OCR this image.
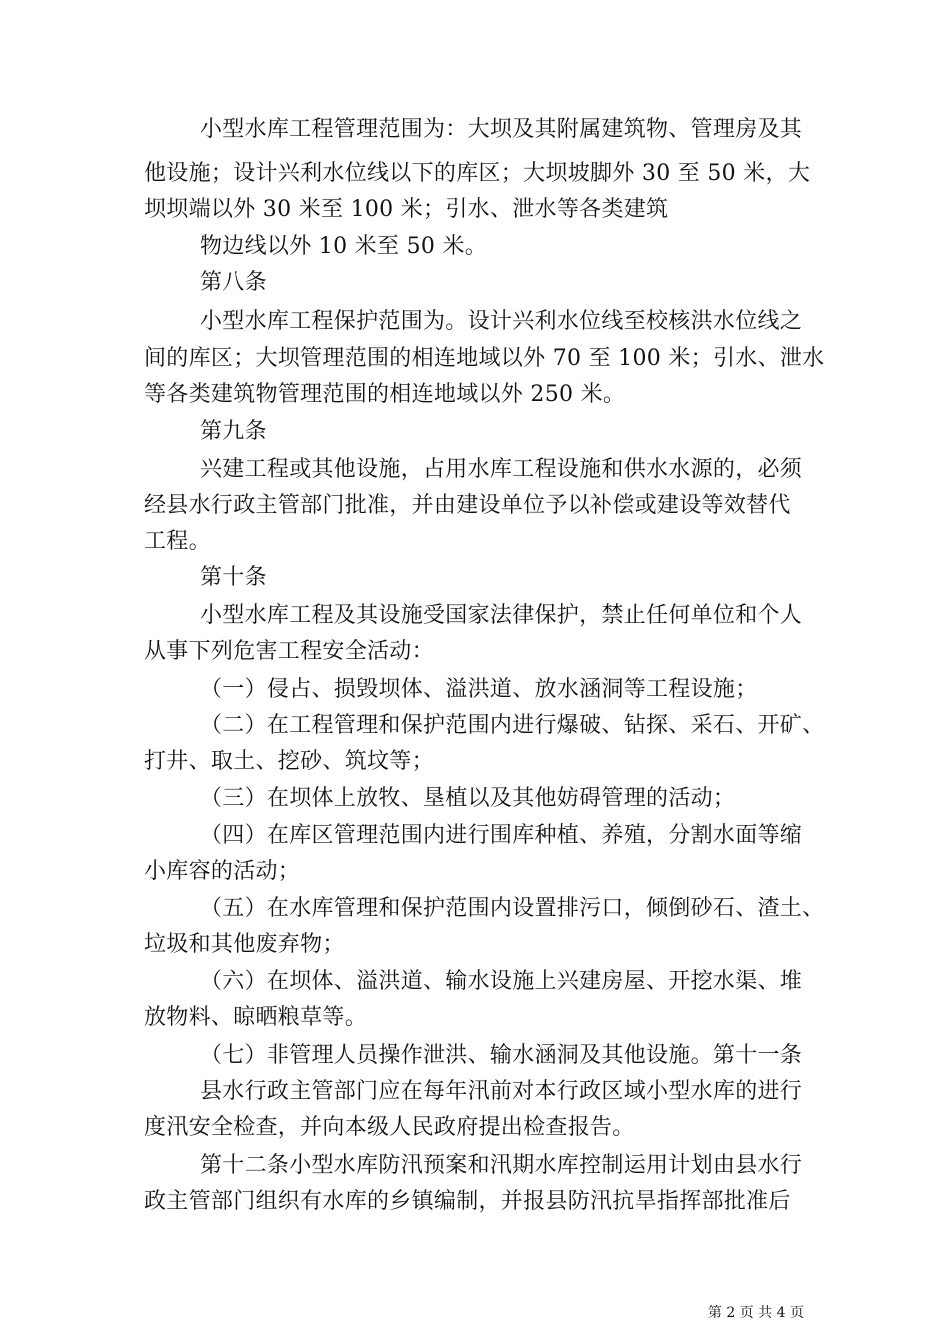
小型水库工程管理范围为：大坝及其附属建筑物、管理房及其
他设施；设计兴利水位线以下的库区；大坝坡脚外 30 至 50 米，大
坝坝端以外 30 米至 100 米；引水、泄水等各类建筑
物边线以外 10 米至 50 米。
第八条
小型水库工程保护范围为。设计兴利水位线至校核洪水位线之
间的库区；大坝管理范围的相连地域以外 70 至 100 米；引水、泄水
等各类建筑物管理范围的相连地域以外 250 米。
第九条
兴建工程或其他设施，占用水库工程设施和供水水源的，必须
经县水行政主管部门批准，并由建设单位予以补偿或建设等效替代
工程。
第十条
小型水库工程及其设施受国家法律保护，禁止任何单位和个人
从事下列危害工程安全活动：
（一）侵占、损毁坝体、溢洪道、放水涵洞等工程设施；
（二）在工程管理和保护范围内进行爆破、钻探、采石、开矿、
打井、取土、挖砂、筑坟等；
（三）在坝体上放牧、垦植以及其他妨碍管理的活动；
（四）在库区管理范围内进行围库种植、养殖，分割水面等缩
小库容的活动；
（五）在水库管理和保护范围内设置排污口，倾倒砂石、渣土、
垃圾和其他废弃物；
（六）在坝体、溢洪道、输水设施上兴建房屋、开挖水渠、堆
放物料、晾晒粮草等。
（七）非管理人员操作泄洪、输水涵洞及其他设施。第十一条
县水行政主管部门应在每年汛前对本行政区域小型水库的进行
度汛安全检查，并向本级人民政府提出检查报告。
第十二条小型水库防汛预案和汛期水库控制运用计划由县水行
政主管部门组织有水库的乡镇编制，并报县防汛抗旱指挥部批准后
第 2 页 共 4 页
